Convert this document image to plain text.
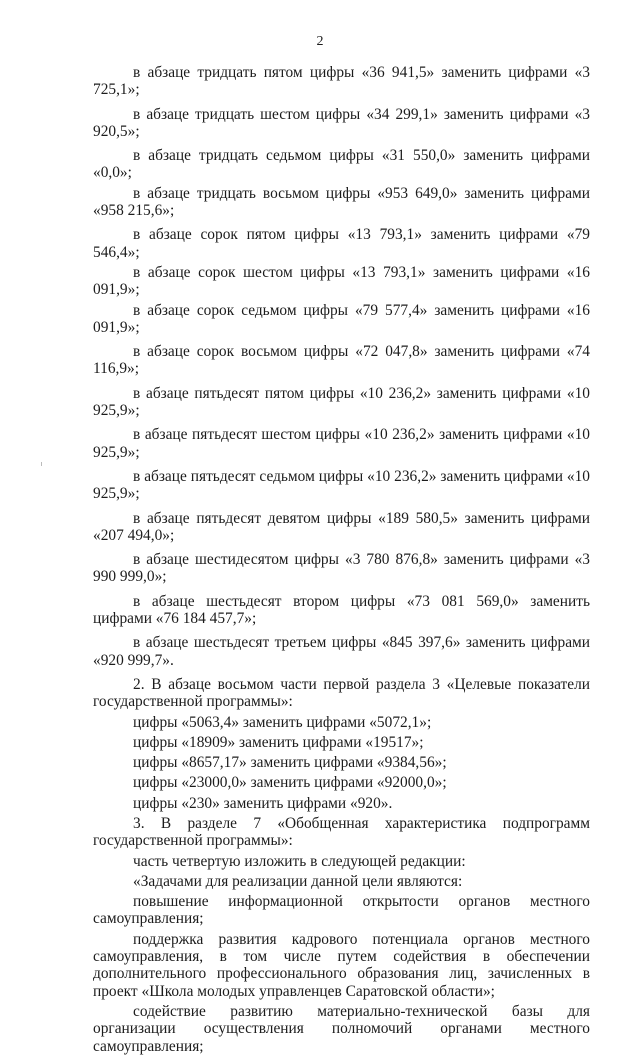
2

в абзаце тридцать пятом цифры «36 941,5» заменить цифрами «3 725,1»;

в абзаце тридцать шестом цифры «34 299,1» заменить цифрами «3 920,5»;

в абзаце тридцать седьмом цифры «31 550,0» заменить цифрами «0,0»;

в абзаце тридцать восьмом цифры «953 649,0» заменить цифрами «958 215,6»;

в абзаце сорок пятом цифры «13 793,1» заменить цифрами «79 546,4»;

в абзаце сорок шестом цифры «13 793,1» заменить цифрами «16 091,9»;

в абзаце сорок седьмом цифры «79 577,4» заменить цифрами «16 091,9»;

в абзаце сорок восьмом цифры «72 047,8» заменить цифрами «74 116,9»;

в абзаце пятьдесят пятом цифры «10 236,2» заменить цифрами «10 925,9»;

в абзаце пятьдесят шестом цифры «10 236,2» заменить цифрами «10 925,9»;

в абзаце пятьдесят седьмом цифры «10 236,2» заменить цифрами «10 925,9»;

в абзаце пятьдесят девятом цифры «189 580,5» заменить цифрами «207 494,0»;

в абзаце шестидесятом цифры «3 780 876,8» заменить цифрами «3 990 999,0»;

в абзаце шестьдесят втором цифры «73 081 569,0» заменить цифрами «76 184 457,7»;

в абзаце шестьдесят третьем цифры «845 397,6» заменить цифрами «920 999,7».

2. В абзаце восьмом части первой раздела 3 «Целевые показатели государственной программы»:

цифры «5063,4» заменить цифрами «5072,1»;

цифры «18909» заменить цифрами «19517»;

цифры «8657,17» заменить цифрами «9384,56»;

цифры «23000,0» заменить цифрами «92000,0»;

цифры «230» заменить цифрами «920».

3. В разделе 7 «Обобщенная характеристика подпрограмм государственной программы»:

часть четвертую изложить в следующей редакции:

«Задачами для реализации данной цели являются:

повышение информационной открытости органов местного самоуправления;

поддержка развития кадрового потенциала органов местного самоуправления, в том числе путем содействия в обеспечении дополнительного профессионального образования лиц, зачисленных в проект «Школа молодых управленцев Саратовской области»;

содействие развитию материально-технической базы для организации осуществления полномочий органами местного самоуправления;
